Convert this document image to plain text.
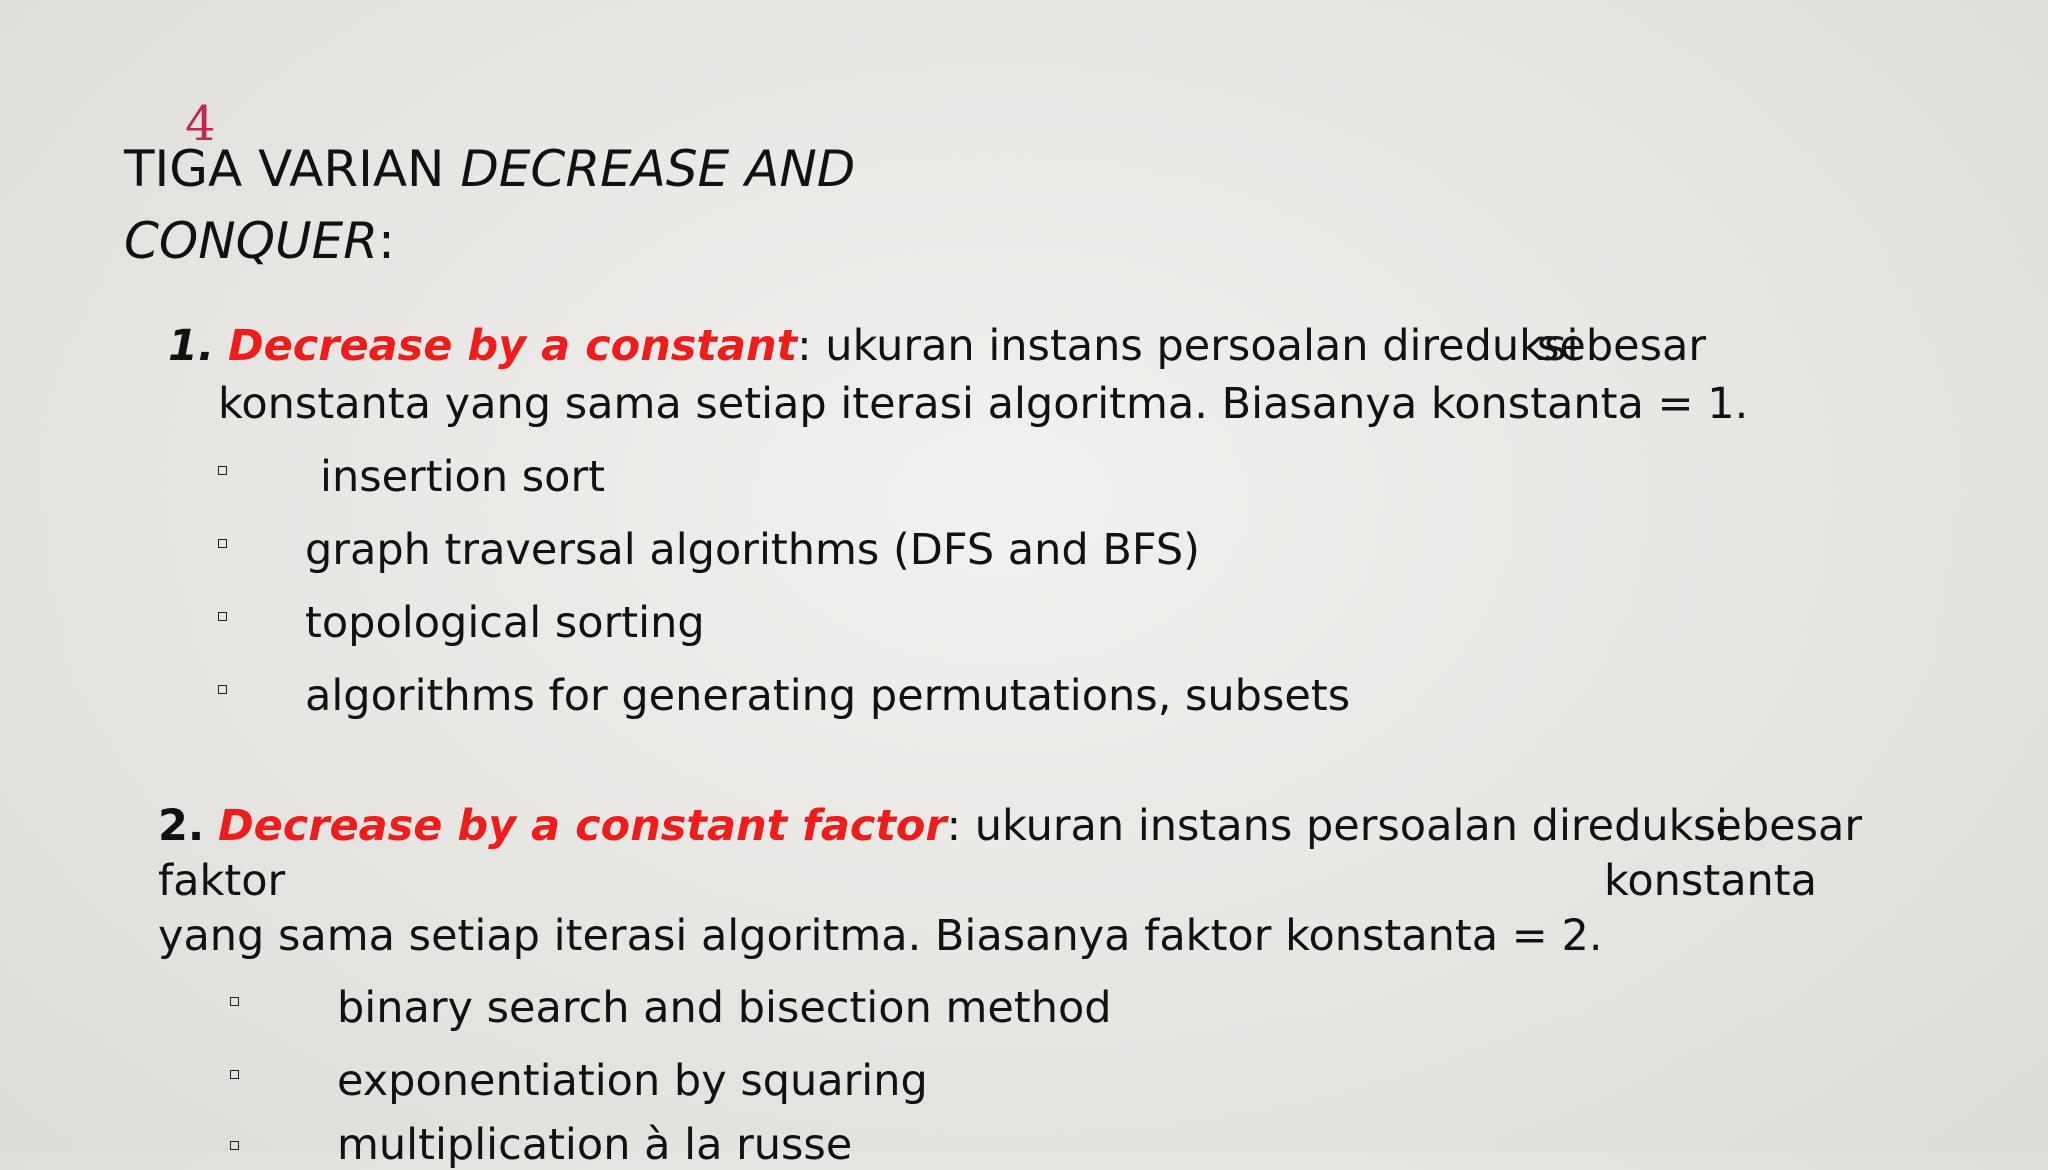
4
TIGA VARIAN DECREASE AND
CONQUER:
1. Decrease by a constant: ukuran instans persoalan direduksi
sebesar
konstanta yang sama setiap iterasi algoritma. Biasanya konstanta = 1.
insertion sort
graph traversal algorithms (DFS and BFS)
topological sorting
algorithms for generating permutations, subsets
2. Decrease by a constant factor: ukuran instans persoalan direduksi
sebesar
faktor	konstanta
yang sama setiap iterasi algoritma. Biasanya faktor konstanta = 2.
binary search and bisection method
exponentiation by squaring
multiplication à la russe
